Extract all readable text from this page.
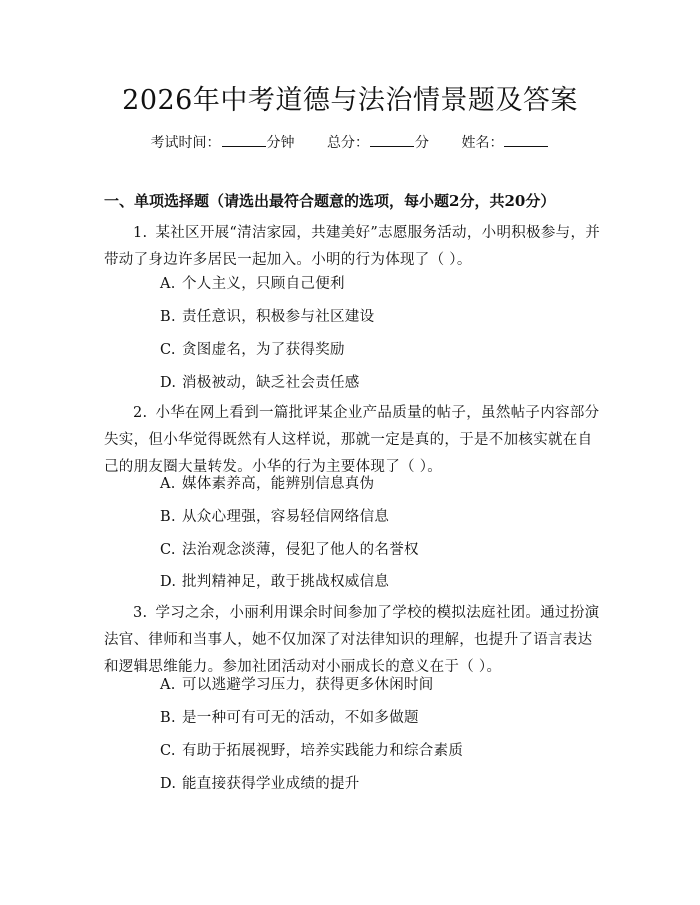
2026年中考道德与法治情景题及答案
考试时间：	分钟 总分：	分 姓名：
一、单项选择题（请选出最符合题意的选项，每小题2分，共20分）
1. 某社区开展“清洁家园，共建美好”志愿服务活动，小明积极参与，并带动了身边许多居民一起加入。小明的行为体现了（ ）。
A. 个人主义，只顾自己便利
B. 责任意识，积极参与社区建设
C. 贪图虚名，为了获得奖励
D. 消极被动，缺乏社会责任感
2. 小华在网上看到一篇批评某企业产品质量的帖子，虽然帖子内容部分失实，但小华觉得既然有人这样说，那就一定是真的，于是不加核实就在自己的朋友圈大量转发。小华的行为主要体现了（ ）。
A. 媒体素养高，能辨别信息真伪
B. 从众心理强，容易轻信网络信息
C. 法治观念淡薄，侵犯了他人的名誉权
D. 批判精神足，敢于挑战权威信息
3. 学习之余，小丽利用课余时间参加了学校的模拟法庭社团。通过扮演法官、律师和当事人，她不仅加深了对法律知识的理解，也提升了语言表达和逻辑思维能力。参加社团活动对小丽成长的意义在于（ ）。
A. 可以逃避学习压力，获得更多休闲时间
B. 是一种可有可无的活动，不如多做题
C. 有助于拓展视野，培养实践能力和综合素质
D. 能直接获得学业成绩的提升
